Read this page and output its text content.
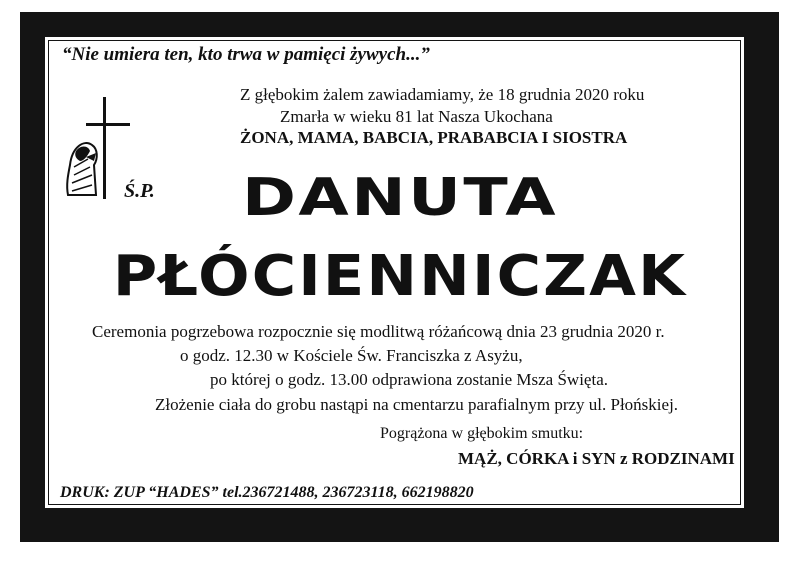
“Nie umiera ten, kto trwa w pamięci żywych...”
Z głębokim żalem zawiadamiamy, że 18 grudnia 2020 roku
Zmarła w wieku 81 lat Nasza Ukochana
ŻONA, MAMA, BABCIA, PRABABCIA I SIOSTRA
Ś.P.	DANUTA
PŁÓCIENNICZAK
Ceremonia pogrzebowa rozpocznie się modlitwą różańcową dnia 23 grudnia 2020 r.
o godz. 12.30 w Kościele Św. Franciszka z Asyżu,
po której o godz. 13.00 odprawiona zostanie Msza Święta.
Złożenie ciała do grobu nastąpi na cmentarzu parafialnym przy ul. Płońskiej.
Pogrążona w głębokim smutku:
MĄŻ, CÓRKA i SYN z RODZINAMI
DRUK: ZUP “HADES” tel.236721488, 236723118, 662198820
